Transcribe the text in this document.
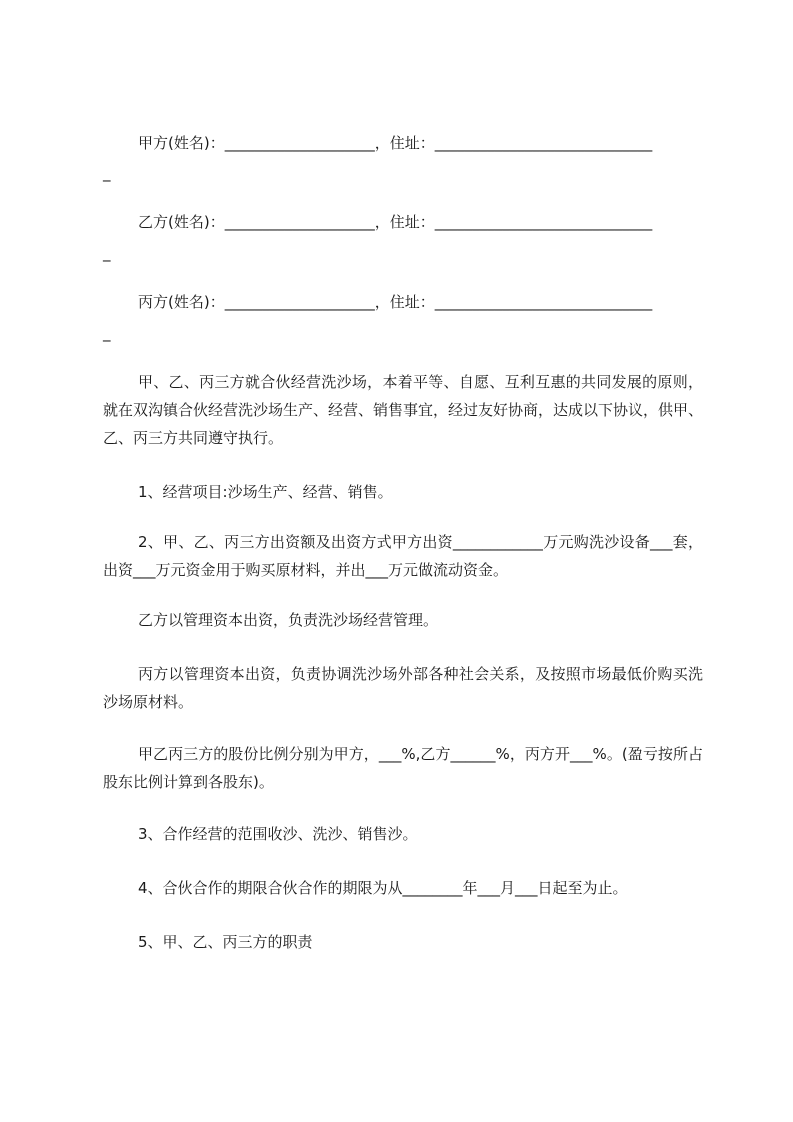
甲方(姓名)：____________________，住址：_____________________________
_
乙方(姓名)：____________________，住址：_____________________________
_
丙方(姓名)：____________________，住址：_____________________________
_
甲、乙、丙三方就合伙经营洗沙场，本着平等、自愿、互利互惠的共同发展的原则，就在双沟镇合伙经营洗沙场生产、经营、销售事宜，经过友好协商，达成以下协议，供甲、乙、丙三方共同遵守执行。
1、经营项目:沙场生产、经营、销售。
2、甲、乙、丙三方出资额及出资方式甲方出资____________万元购洗沙设备___套，出资___万元资金用于购买原材料，并出___万元做流动资金。
乙方以管理资本出资，负责洗沙场经营管理。
丙方以管理资本出资，负责协调洗沙场外部各种社会关系，及按照市场最低价购买洗沙场原材料。
甲乙丙三方的股份比例分别为甲方，___%,乙方______%，丙方开___%。(盈亏按所占股东比例计算到各股东)。
3、合作经营的范围收沙、洗沙、销售沙。
4、合伙合作的期限合伙合作的期限为从________年___月___日起至为止。
5、甲、乙、丙三方的职责
